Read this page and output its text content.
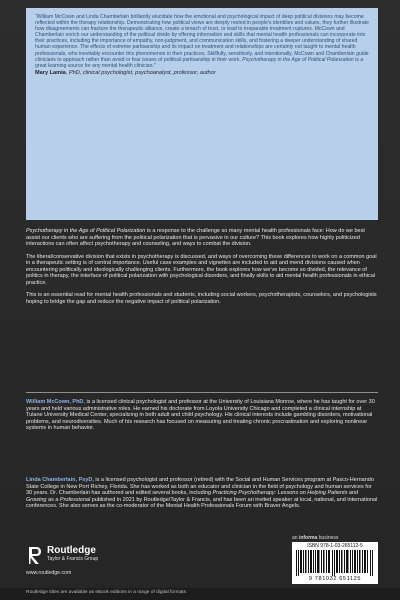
“William McCown and Linda Chamberlain brilliantly elucidate how the emotional and psychological impact of deep political divisions may become reflected within the therapy relationship. Demonstrating how political views are deeply rooted in people’s identities and values, they further illustrate how disagreements can fracture the therapeutic alliance, create a breach of trust, or lead to irreparable treatment ruptures. McCown and Chamberlain enrich our understanding of the political divide by offering information and skills that mental health professionals can incorporate into their practices, including the importance of empathy, non-judgment, and communication skills, and fostering a deeper understanding of shared human experience. The effects of extreme partisanship and its impact on treatment and relationships are certainly not taught to mental health professionals, who inevitably encounter this phenomenon in their practices. Skillfully, sensitively, and intentionally, McCown and Chamberlain guide clinicians to approach rather than avoid or fear issues of political partisanship in their work. Psychotherapy in the Age of Political Polarization is a great learning source for any mental health clinician.”

Mary Lamia, PhD, clinical psychologist, psychoanalyst, professor, author

Psychotherapy in the Age of Political Polarization is a response to the challenge so many mental health professionals face: How do we best assist our clients who are suffering from the political polarization that is pervasive in our culture? This book explores how highly politicized interactions can often affect psychotherapy and counseling, and ways to combat the division.

The liberal/conservative division that exists in psychotherapy is discussed, and ways of overcoming these differences to work on a common goal in a therapeutic setting is of central importance. Useful case examples and vignettes are included to aid and mend divisions caused when encountering politically and ideologically challenging clients. Furthermore, the book explores how we’ve become so divided, the relevance of politics in therapy, the interface of political polarization with psychological disorders, and finally skills to aid mental health professionals in ethical practice.

This is an essential read for mental health professionals and students, including social workers, psychotherapists, counselors, and psychologists hoping to bridge the gap and reduce the negative impact of political polarization.

William McCown, PhD, is a licensed clinical psychologist and professor at the University of Louisiana Monroe, where he has taught for over 30 years and held various administrative roles. He earned his doctorate from Loyola University Chicago and completed a clinical internship at Tulane University Medical Center, specializing in both adult and child psychology. His clinical interests include gambling disorders, motivational problems, and neurodiversities. Much of his research has focused on measuring and treating chronic procrastination and exploring nonlinear systems in human behavior.
Linda Chamberlain, PsyD, is a licensed psychologist and professor (retired) with the Social and Human Services program at Pasco-Hernando State College in New Port Richey, Florida. She has worked as both an educator and clinician in the field of psychology and human services for 30 years. Dr. Chamberlain has authored and edited several books, including Practicing Psychotherapy: Lessons on Helping Patients and Growing as a Professional published in 2021 by Routledge/Taylor & Francis, and has been an invited speaker at local, national, and international conferences. She also serves as the co-moderator of the Mental Health Professionals Forum with Braver Angels.
Routledge
Taylor & Francis Group
www.routledge.com
an informa business
ISBN 978-1-03-265112-5
9 781032 651125
Routledge titles are available as eBook editions in a range of digital formats
